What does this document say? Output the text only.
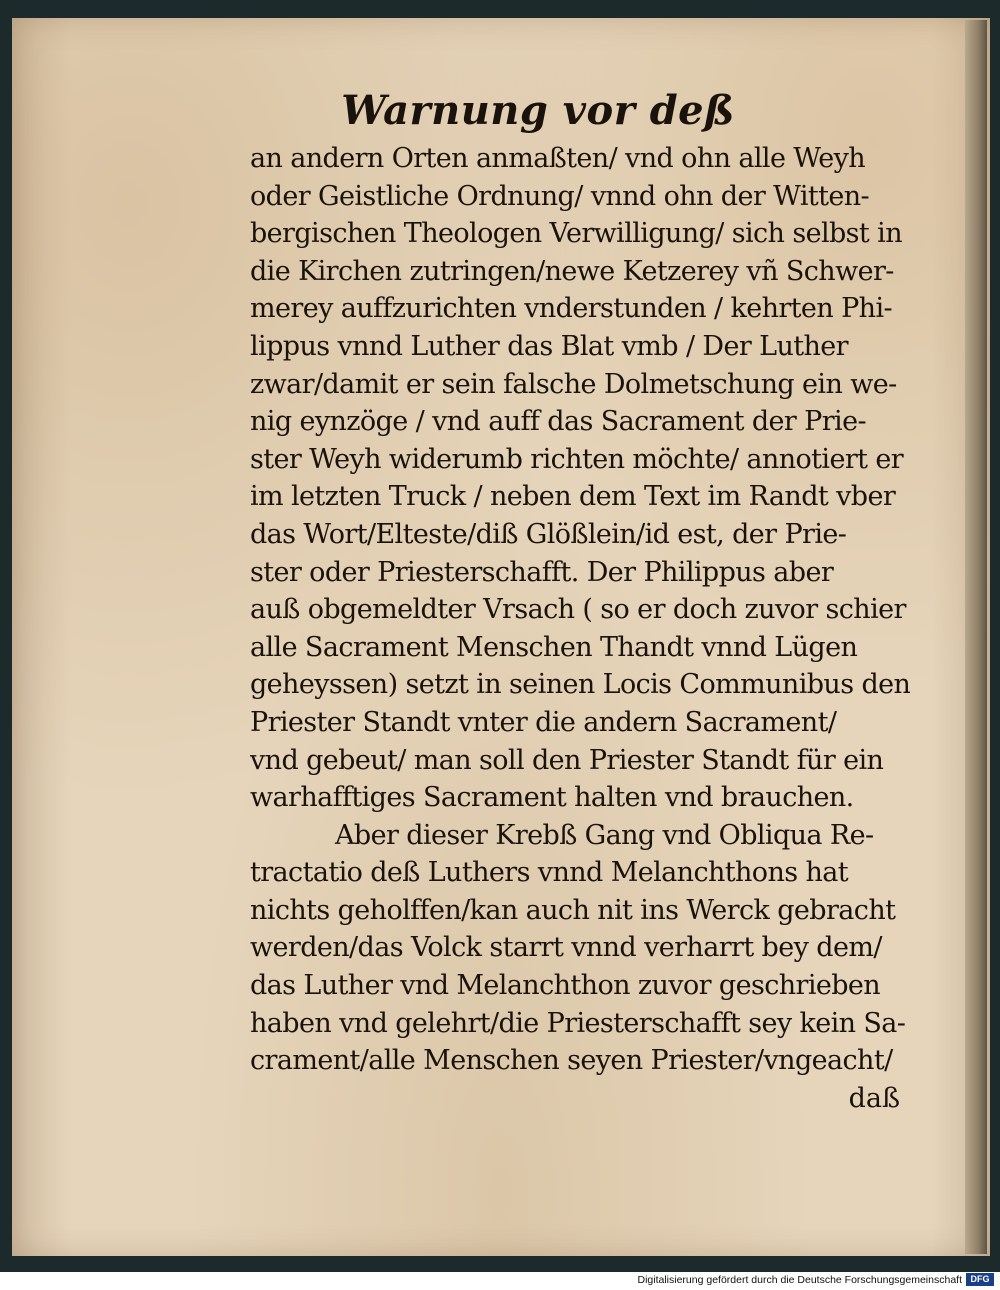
Warnung vor deß
an andern Orten anmaßten/ vnd ohn alle Weyh
oder Geistliche Ordnung/ vnnd ohn der Witten-
bergischen Theologen Verwilligung/ sich selbst in
die Kirchen zutringen/newe Ketzerey vñ Schwer-
merey auffzurichten vnderstunden / kehrten Phi-
lippus vnnd Luther das Blat vmb / Der Luther
zwar/damit er sein falsche Dolmetschung ein we-
nig eynzöge / vnd auff das Sacrament der Prie-
ster Weyh widerumb richten möchte/ annotiert er
im letzten Truck / neben dem Text im Randt vber
das Wort/Elteste/diß Glößlein/id est, der Prie-
ster oder Priesterschafft. Der Philippus aber
auß obgemeldter Vrsach ( so er doch zuvor schier
alle Sacrament Menschen Thandt vnnd Lügen
geheyssen) setzt in seinen Locis Communibus den
Priester Standt vnter die andern Sacrament/
vnd gebeut/ man soll den Priester Standt für ein
warhafftiges Sacrament halten vnd brauchen.
Aber dieser Krebß Gang vnd Obliqua Re-
tractatio deß Luthers vnnd Melanchthons hat
nichts geholffen/kan auch nit ins Werck gebracht
werden/das Volck starrt vnnd verharrt bey dem/
das Luther vnd Melanchthon zuvor geschrieben
haben vnd gelehrt/die Priesterschafft sey kein Sa-
crament/alle Menschen seyen Priester/vngeacht/
daß
Digitalisierung gefördert durch die Deutsche Forschungsgemeinschaft DFG
